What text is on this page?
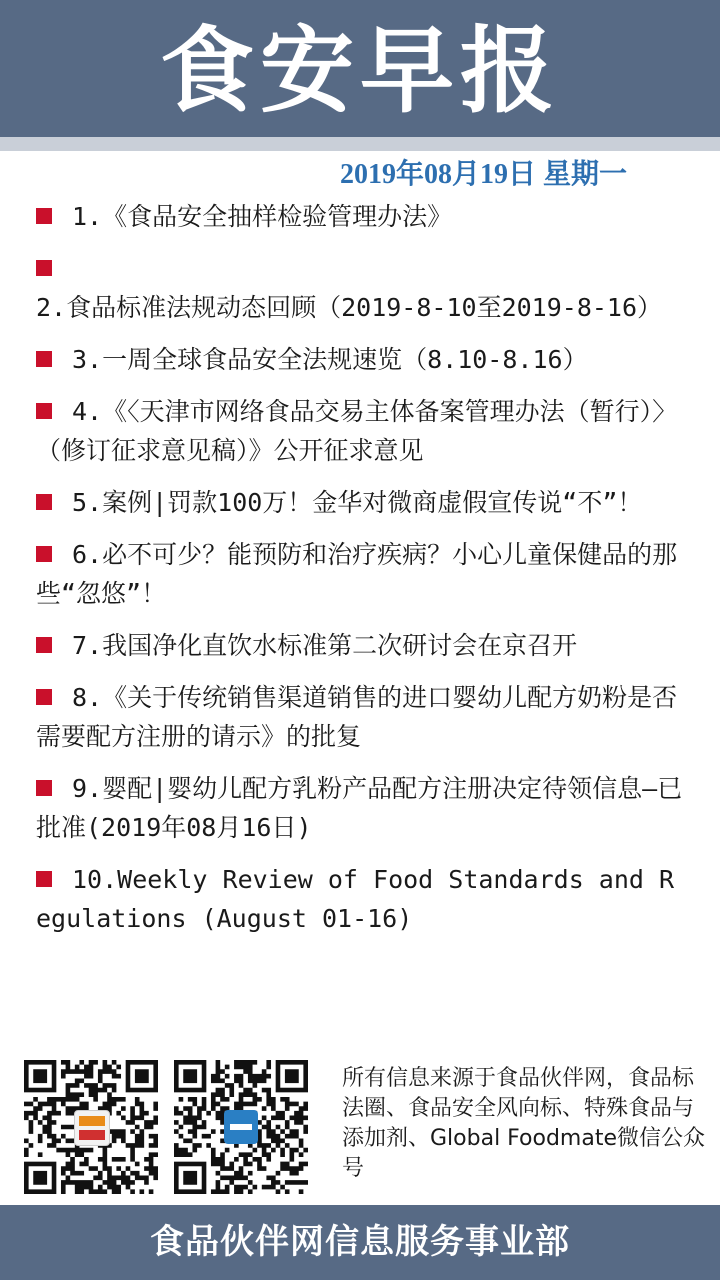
食安早报
2019年08月19日 星期一
1.《食品安全抽样检验管理办法》
2.食品标准法规动态回顾（2019-8-10至2019-8-16）
3.一周全球食品安全法规速览（8.10-8.16）
4.《〈天津市网络食品交易主体备案管理办法（暂行）〉（修订征求意见稿）》公开征求意见
5.案例|罚款100万！金华对微商虚假宣传说“不”！
6.必不可少？能预防和治疗疾病？小心儿童保健品的那些“忽悠”！
7.我国净化直饮水标准第二次研讨会在京召开
8.《关于传统销售渠道销售的进口婴幼儿配方奶粉是否需要配方注册的请示》的批复
9.婴配|婴幼儿配方乳粉产品配方注册决定待领信息—已批准(2019年08月16日)
10.Weekly Review of Food Standards and Regulations (August 01-16)

所有信息来源于食品伙伴网，食品标法圈、食品安全风向标、特殊食品与添加剂、Global Foodmate微信公众号

食品伙伴网信息服务事业部
